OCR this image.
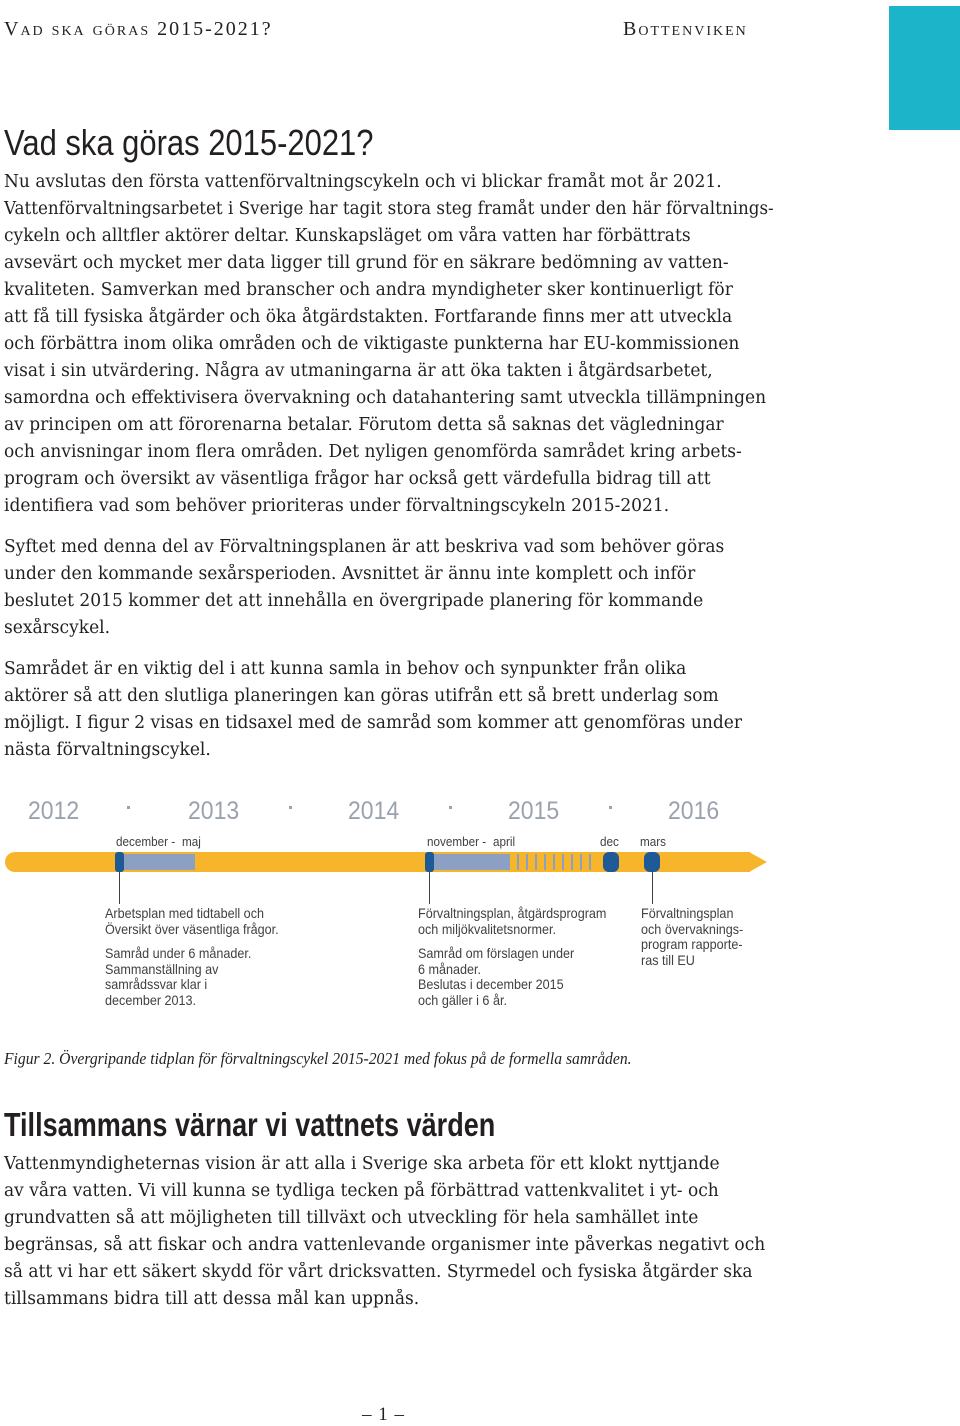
Vad ska göras 2015-2021?	Bottenviken
Vad ska göras 2015-2021?

Nu avslutas den första vattenförvaltningscykeln och vi blickar framåt mot år 2021.
Vattenförvaltningsarbetet i Sverige har tagit stora steg framåt under den här förvaltnings-
cykeln och alltfler aktörer deltar. Kunskapsläget om våra vatten har förbättrats
avsevärt och mycket mer data ligger till grund för en säkrare bedömning av vatten-
kvaliteten. Samverkan med branscher och andra myndigheter sker kontinuerligt för
att få till fysiska åtgärder och öka åtgärdstakten. Fortfarande finns mer att utveckla
och förbättra inom olika områden och de viktigaste punkterna har EU-kommissionen
visat i sin utvärdering. Några av utmaningarna är att öka takten i åtgärdsarbetet,
samordna och effektivisera övervakning och datahantering samt utveckla tillämpningen
av principen om att förorenarna betalar. Förutom detta så saknas det vägledningar
och anvisningar inom flera områden. Det nyligen genomförda samrådet kring arbets-
program och översikt av väsentliga frågor har också gett värdefulla bidrag till att
identifiera vad som behöver prioriteras under förvaltningscykeln 2015-2021.

Syftet med denna del av Förvaltningsplanen är att beskriva vad som behöver göras
under den kommande sexårsperioden. Avsnittet är ännu inte komplett och inför
beslutet 2015 kommer det att innehålla en övergripade planering för kommande
sexårscykel.

Samrådet är en viktig del i att kunna samla in behov och synpunkter från olika
aktörer så att den slutliga planeringen kan göras utifrån ett så brett underlag som
möjligt. I figur 2 visas en tidsaxel med de samråd som kommer att genomföras under
nästa förvaltningscykel.

2012	2013	2014	2015	2016
december - maj	november - april	dec mars
Arbetsplan med tidtabell och
Översikt över väsentliga frågor.
Samråd under 6 månader.
Sammanställning av
samrådssvar klar i
december 2013.
Förvaltningsplan, åtgärdsprogram
och miljökvalitetsnormer.
Samråd om förslagen under
6 månader.
Beslutas i december 2015
och gäller i 6 år.
Förvaltningsplan
och övervaknings-
program rapporte-
ras till EU

Figur 2. Övergripande tidplan för förvaltningscykel 2015-2021 med fokus på de formella samråden.

Tillsammans värnar vi vattnets värden

Vattenmyndigheternas vision är att alla i Sverige ska arbeta för ett klokt nyttjande
av våra vatten. Vi vill kunna se tydliga tecken på förbättrad vattenkvalitet i yt- och
grundvatten så att möjligheten till tillväxt och utveckling för hela samhället inte
begränsas, så att fiskar och andra vattenlevande organismer inte påverkas negativt och
så att vi har ett säkert skydd för vårt dricksvatten. Styrmedel och fysiska åtgärder ska
tillsammans bidra till att dessa mål kan uppnås.

– 1 –
